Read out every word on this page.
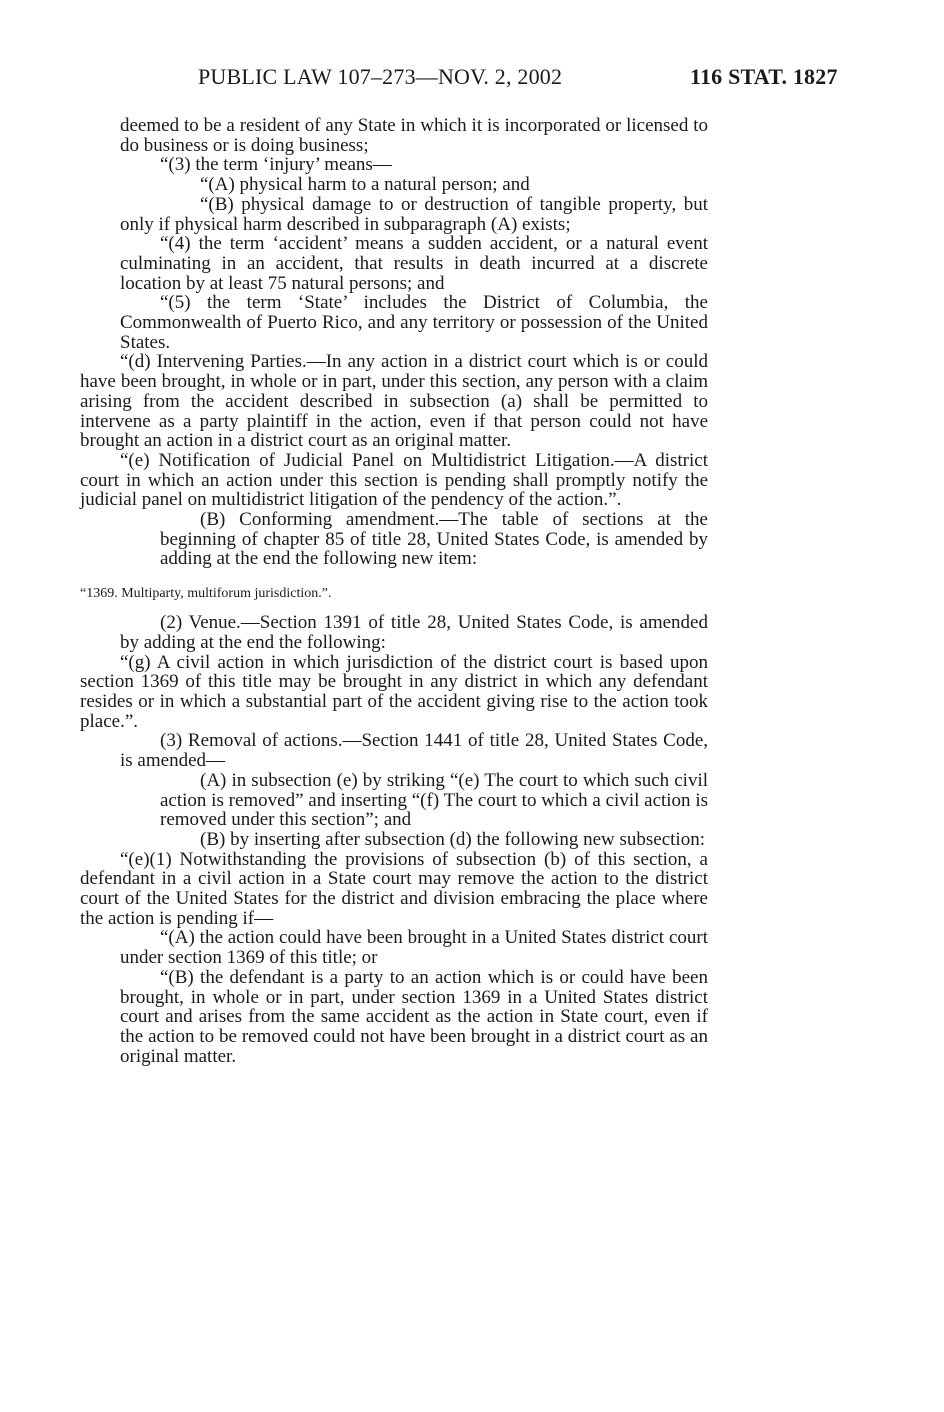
PUBLIC LAW 107–273—NOV. 2, 2002	116 STAT. 1827

deemed to be a resident of any State in which it is incorporated or licensed to do business or is doing business;

“(3) the term ‘injury’ means—

“(A) physical harm to a natural person; and

“(B) physical damage to or destruction of tangible property, but only if physical harm described in subparagraph (A) exists;

“(4) the term ‘accident’ means a sudden accident, or a natural event culminating in an accident, that results in death incurred at a discrete location by at least 75 natural persons; and

“(5) the term ‘State’ includes the District of Columbia, the Commonwealth of Puerto Rico, and any territory or possession of the United States.

“(d) Intervening Parties.—In any action in a district court which is or could have been brought, in whole or in part, under this section, any person with a claim arising from the accident described in subsection (a) shall be permitted to intervene as a party plaintiff in the action, even if that person could not have brought an action in a district court as an original matter.

“(e) Notification of Judicial Panel on Multidistrict Litigation.—A district court in which an action under this section is pending shall promptly notify the judicial panel on multidistrict litigation of the pendency of the action.”.

(B) Conforming amendment.—The table of sections at the beginning of chapter 85 of title 28, United States Code, is amended by adding at the end the following new item:

“1369. Multiparty, multiforum jurisdiction.”.

(2) Venue.—Section 1391 of title 28, United States Code, is amended by adding at the end the following:

“(g) A civil action in which jurisdiction of the district court is based upon section 1369 of this title may be brought in any district in which any defendant resides or in which a substantial part of the accident giving rise to the action took place.”.

(3) Removal of actions.—Section 1441 of title 28, United States Code, is amended—

(A) in subsection (e) by striking “(e) The court to which such civil action is removed” and inserting “(f) The court to which a civil action is removed under this section”; and

(B) by inserting after subsection (d) the following new subsection:

“(e)(1) Notwithstanding the provisions of subsection (b) of this section, a defendant in a civil action in a State court may remove the action to the district court of the United States for the district and division embracing the place where the action is pending if—

“(A) the action could have been brought in a United States district court under section 1369 of this title; or

“(B) the defendant is a party to an action which is or could have been brought, in whole or in part, under section 1369 in a United States district court and arises from the same accident as the action in State court, even if the action to be removed could not have been brought in a district court as an original matter.
